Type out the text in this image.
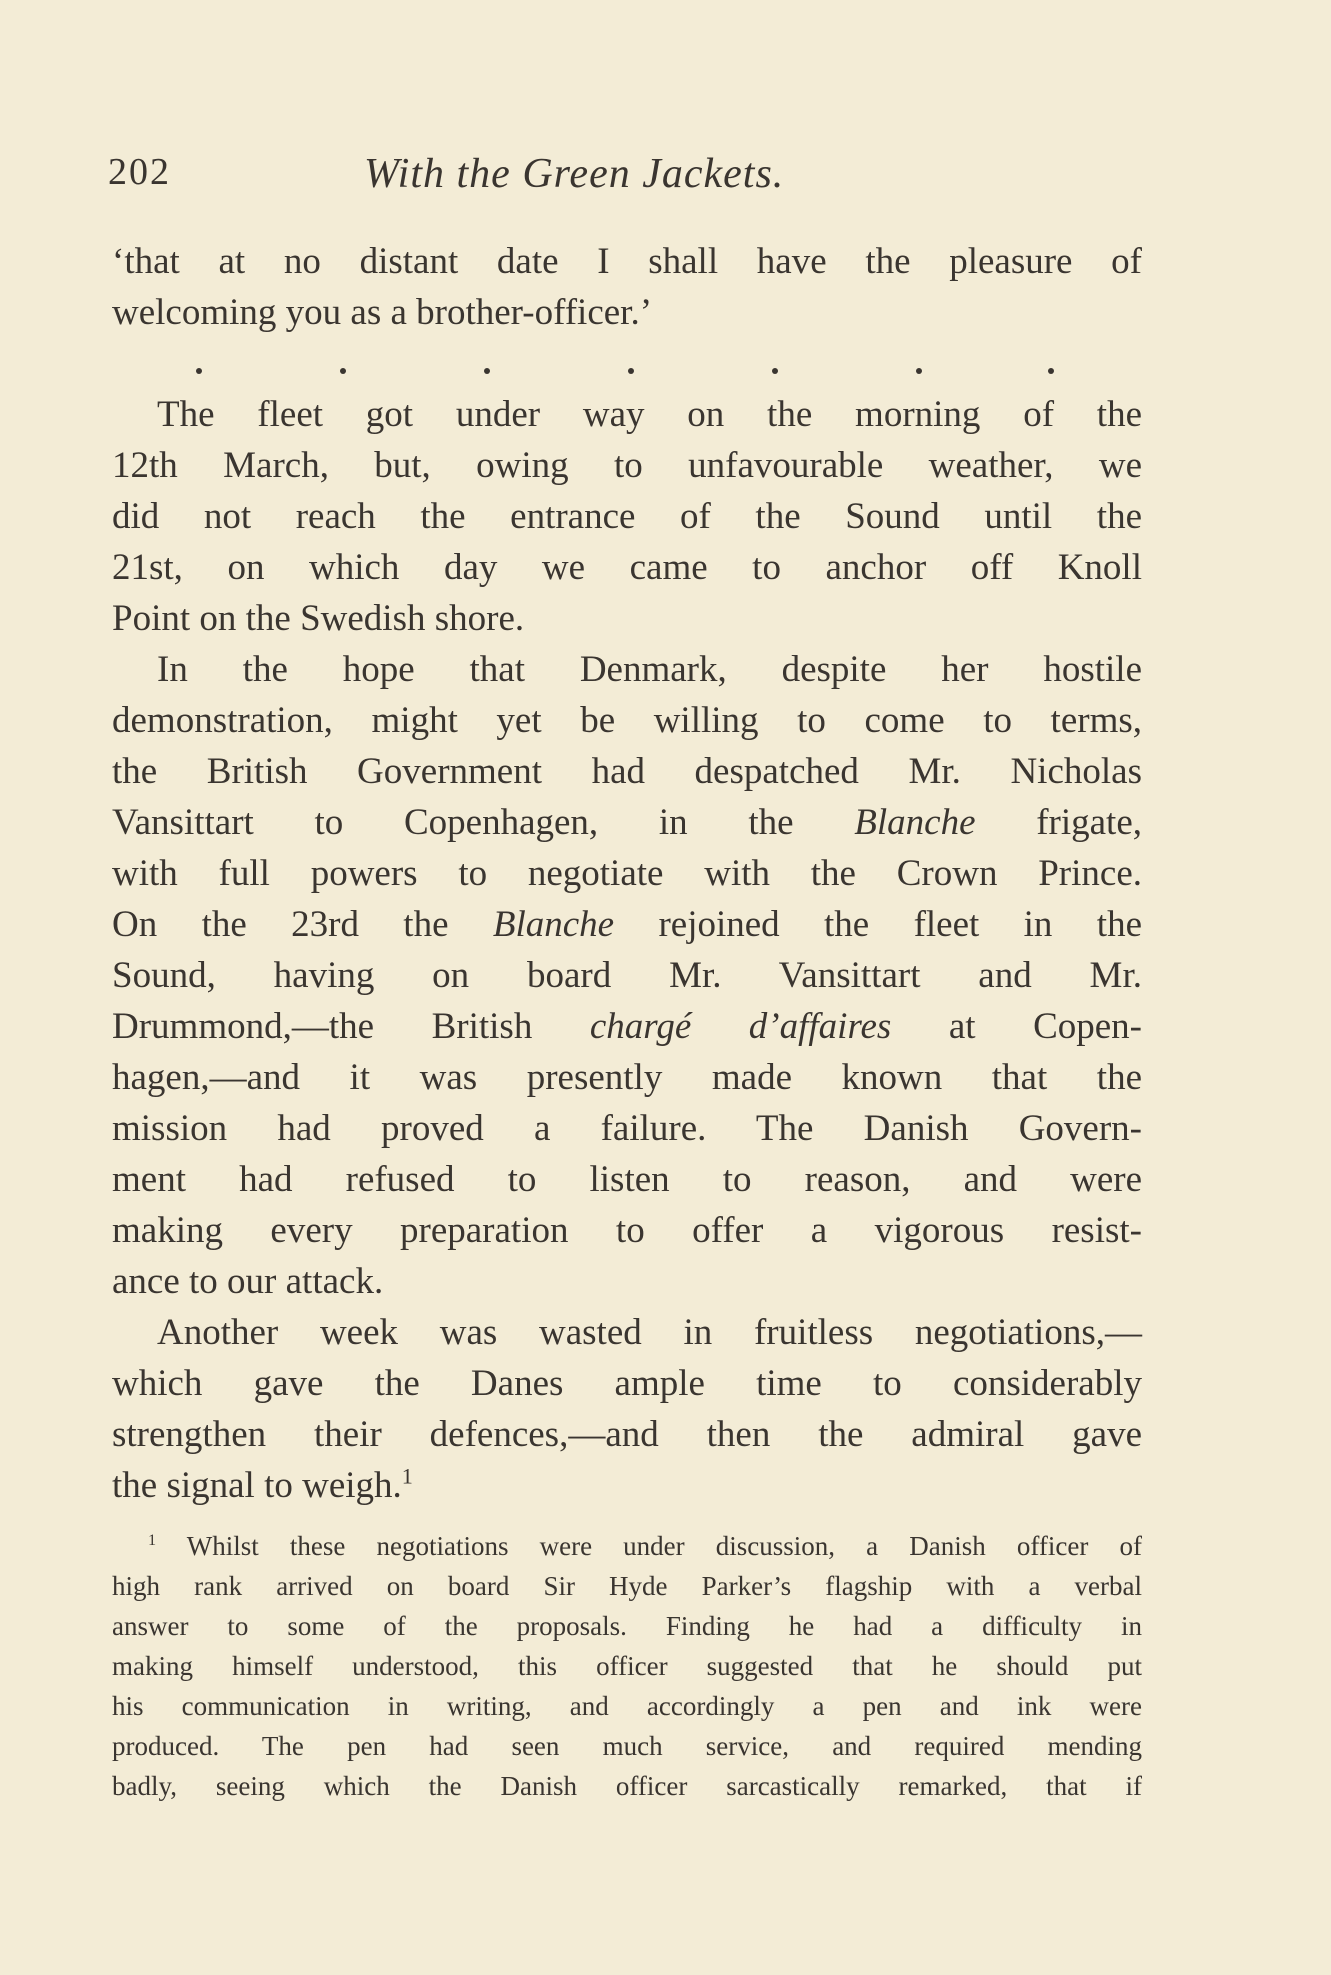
202	With the Green Jackets.
‘that at no distant date I shall have the pleasure of
welcoming you as a brother-officer.’
The fleet got under way on the morning of the
12th March, but, owing to unfavourable weather, we
did not reach the entrance of the Sound until the
21st, on which day we came to anchor off Knoll
Point on the Swedish shore.
In the hope that Denmark, despite her hostile
demonstration, might yet be willing to come to terms,
the British Government had despatched Mr. Nicholas
Vansittart to Copenhagen, in the Blanche frigate,
with full powers to negotiate with the Crown Prince.
On the 23rd the Blanche rejoined the fleet in the
Sound, having on board Mr. Vansittart and Mr.
Drummond,—the British chargé d’affaires at Copen-
hagen,—and it was presently made known that the
mission had proved a failure. The Danish Govern-
ment had refused to listen to reason, and were
making every preparation to offer a vigorous resist-
ance to our attack.
Another week was wasted in fruitless negotiations,—
which gave the Danes ample time to considerably
strengthen their defences,—and then the admiral gave
the signal to weigh.$^1$
$^1$ Whilst these negotiations were under discussion, a Danish officer of
high rank arrived on board Sir Hyde Parker’s flagship with a verbal
answer to some of the proposals. Finding he had a difficulty in
making himself understood, this officer suggested that he should put
his communication in writing, and accordingly a pen and ink were
produced. The pen had seen much service, and required mending
badly, seeing which the Danish officer sarcastically remarked, that if
